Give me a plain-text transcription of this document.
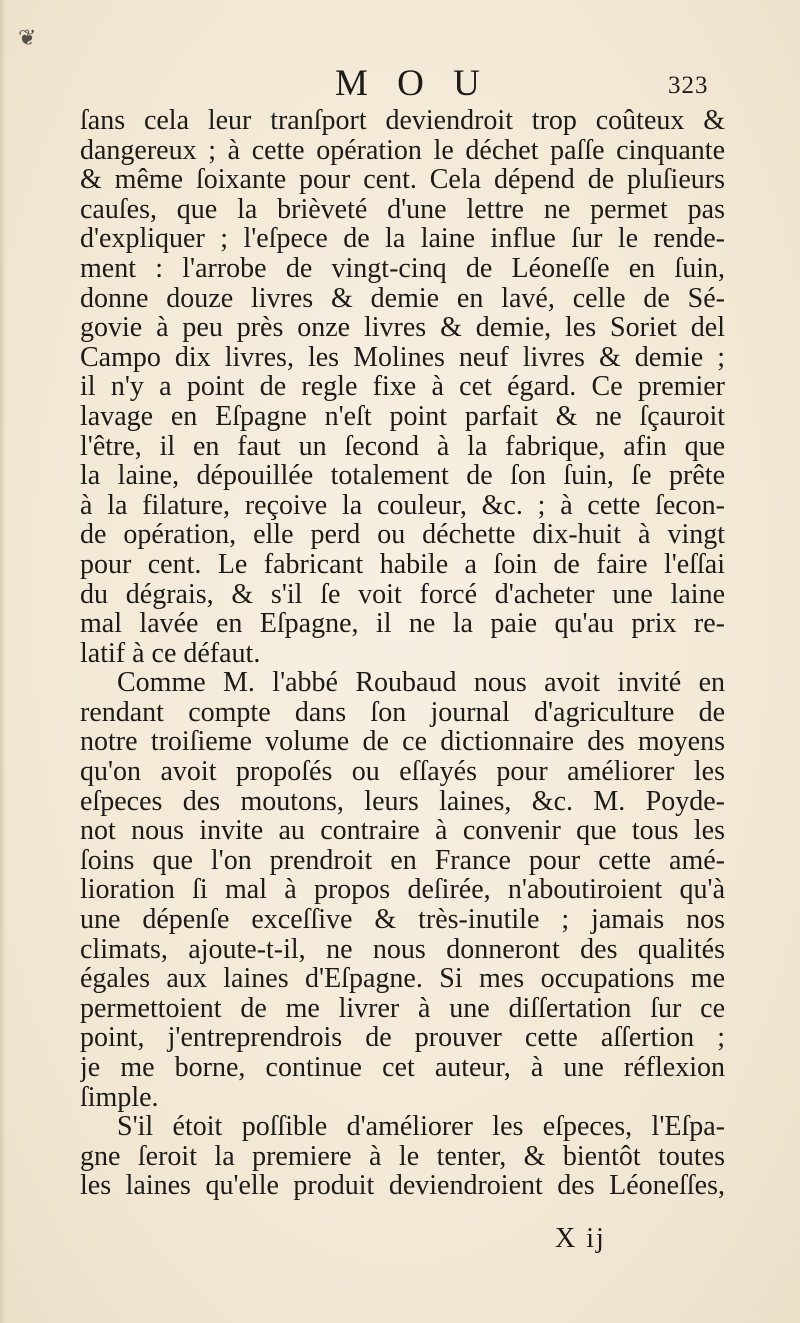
❦
M O U	323
ſans cela leur tranſport deviendroit trop coûteux &
dangereux ; à cette opération le déchet paſſe cinquante
& même ſoixante pour cent. Cela dépend de pluſieurs
cauſes, que la brièveté d'une lettre ne permet pas
d'expliquer ; l'eſpece de la laine influe ſur le rende-
ment : l'arrobe de vingt-cinq de Léoneſſe en ſuin,
donne douze livres & demie en lavé, celle de Sé-
govie à peu près onze livres & demie, les Soriet del
Campo dix livres, les Molines neuf livres & demie ;
il n'y a point de regle fixe à cet égard. Ce premier
lavage en Eſpagne n'eſt point parfait & ne ſçauroit
l'être, il en faut un ſecond à la fabrique, afin que
la laine, dépouillée totalement de ſon ſuin, ſe prête
à la filature, reçoive la couleur, &c. ; à cette ſecon-
de opération, elle perd ou déchette dix-huit à vingt
pour cent. Le fabricant habile a ſoin de faire l'eſſai
du dégrais, & s'il ſe voit forcé d'acheter une laine
mal lavée en Eſpagne, il ne la paie qu'au prix re-
latif à ce défaut.
Comme M. l'abbé Roubaud nous avoit invité en
rendant compte dans ſon journal d'agriculture de
notre troiſieme volume de ce dictionnaire des moyens
qu'on avoit propoſés ou eſſayés pour améliorer les
eſpeces des moutons, leurs laines, &c. M. Poyde-
not nous invite au contraire à convenir que tous les
ſoins que l'on prendroit en France pour cette amé-
lioration ſi mal à propos deſirée, n'aboutiroient qu'à
une dépenſe exceſſive & très-inutile ; jamais nos
climats, ajoute-t-il, ne nous donneront des qualités
égales aux laines d'Eſpagne. Si mes occupations me
permettoient de me livrer à une diſſertation ſur ce
point, j'entreprendrois de prouver cette aſſertion ;
je me borne, continue cet auteur, à une réflexion
ſimple.
S'il étoit poſſible d'améliorer les eſpeces, l'Eſpa-
gne ſeroit la premiere à le tenter, & bientôt toutes
les laines qu'elle produit deviendroient des Léoneſſes,
X ij
